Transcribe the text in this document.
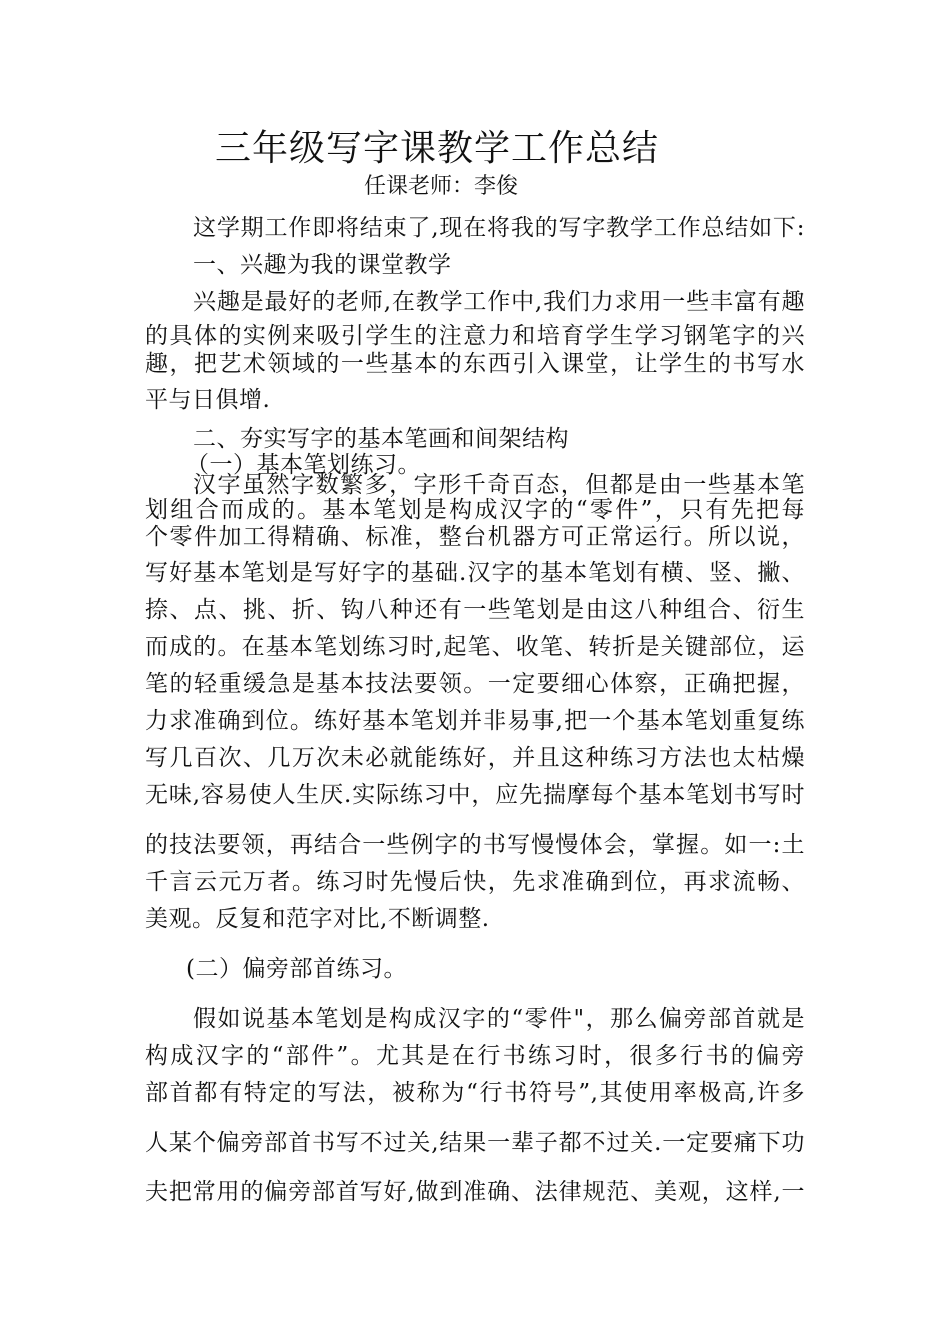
三年级写字课教学工作总结
任课老师：李俊
这学期工作即将结束了,现在将我的写字教学工作总结如下:
一、兴趣为我的课堂教学
兴趣是最好的老师,在教学工作中,我们力求用一些丰富有趣
的具体的实例来吸引学生的注意力和培育学生学习钢笔字的兴
趣，把艺术领域的一些基本的东西引入课堂，让学生的书写水
平与日俱增.
二、夯实写字的基本笔画和间架结构
（一）基本笔划练习。
汉字虽然字数繁多，字形千奇百态，但都是由一些基本笔
划组合而成的。基本笔划是构成汉字的“零件”，只有先把每
个零件加工得精确、标准，整台机器方可正常运行。所以说，
写好基本笔划是写好字的基础.汉字的基本笔划有横、竖、撇、
捺、点、挑、折、钩八种还有一些笔划是由这八种组合、衍生
而成的。在基本笔划练习时,起笔、收笔、转折是关键部位，运
笔的轻重缓急是基本技法要领。一定要细心体察，正确把握，
力求准确到位。练好基本笔划并非易事,把一个基本笔划重复练
写几百次、几万次未必就能练好，并且这种练习方法也太枯燥
无味,容易使人生厌.实际练习中，应先揣摩每个基本笔划书写时
的技法要领，再结合一些例字的书写慢慢体会，掌握。如一:土
千言云元万者。练习时先慢后快，先求准确到位，再求流畅、
美观。反复和范字对比,不断调整.
(二）偏旁部首练习。
假如说基本笔划是构成汉字的“零件"，那么偏旁部首就是
构成汉字的“部件”。尤其是在行书练习时，很多行书的偏旁
部首都有特定的写法，被称为“行书符号”,其使用率极高,许多
人某个偏旁部首书写不过关,结果一辈子都不过关.一定要痛下功
夫把常用的偏旁部首写好,做到准确、法律规范、美观，这样,一
